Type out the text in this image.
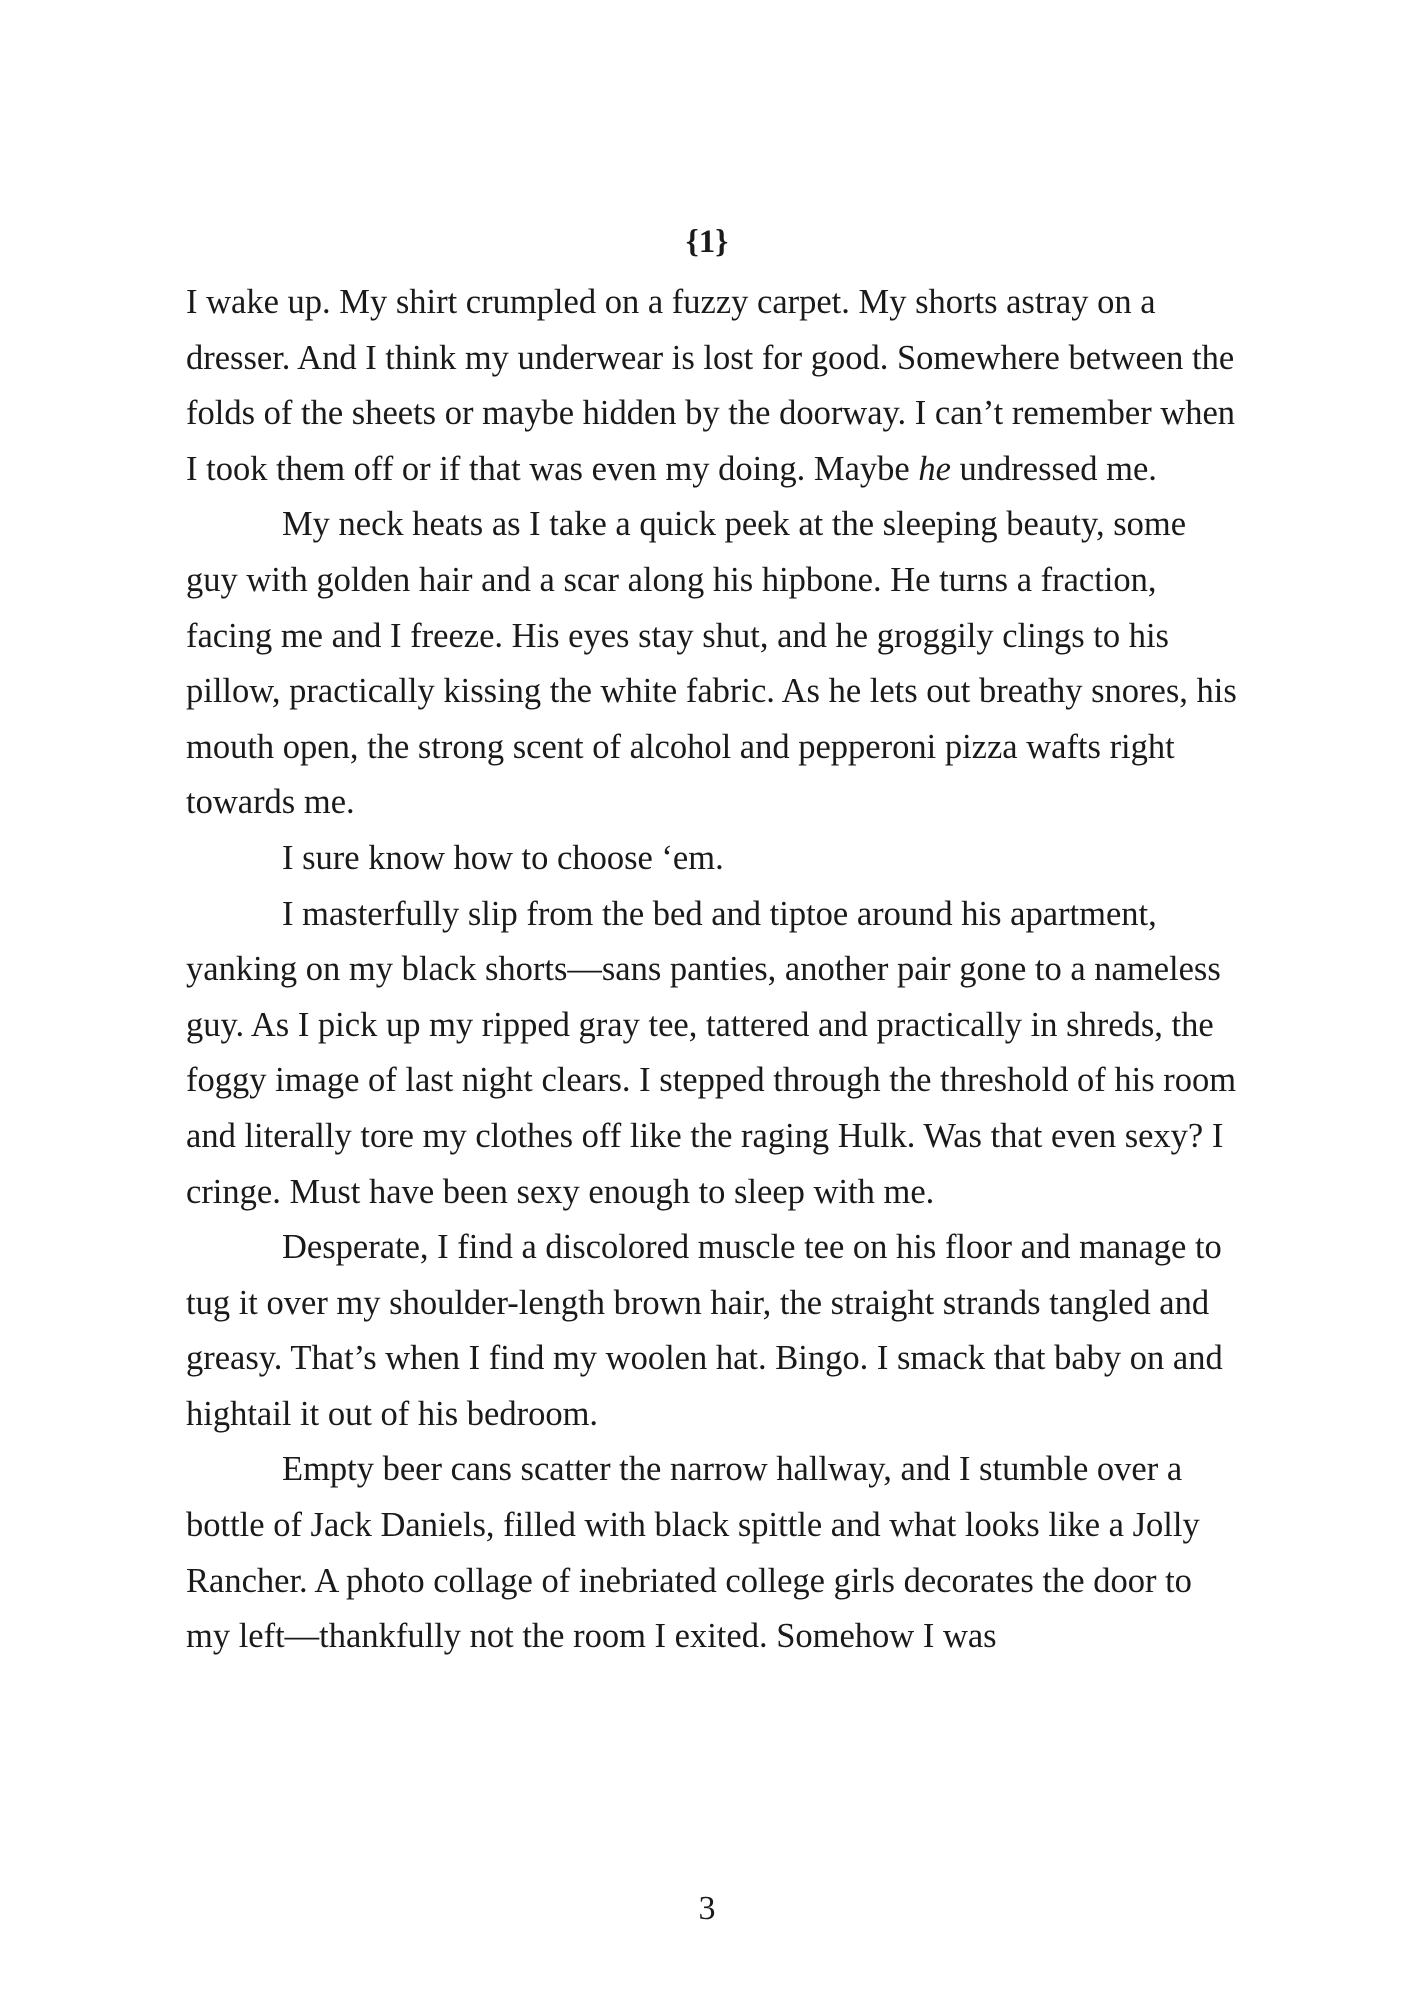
{1}

I wake up. My shirt crumpled on a fuzzy carpet. My shorts astray on a dresser. And I think my underwear is lost for good. Somewhere between the folds of the sheets or maybe hidden by the doorway. I can’t remember when I took them off or if that was even my doing. Maybe he undressed me.

My neck heats as I take a quick peek at the sleeping beauty, some guy with golden hair and a scar along his hipbone. He turns a fraction, facing me and I freeze. His eyes stay shut, and he groggily clings to his pillow, practically kissing the white fabric. As he lets out breathy snores, his mouth open, the strong scent of alcohol and pepperoni pizza wafts right towards me.

I sure know how to choose ‘em.

I masterfully slip from the bed and tiptoe around his apartment, yanking on my black shorts—sans panties, another pair gone to a nameless guy. As I pick up my ripped gray tee, tattered and practically in shreds, the foggy image of last night clears. I stepped through the threshold of his room and literally tore my clothes off like the raging Hulk. Was that even sexy? I cringe. Must have been sexy enough to sleep with me.

Desperate, I find a discolored muscle tee on his floor and manage to tug it over my shoulder-length brown hair, the straight strands tangled and greasy. That’s when I find my woolen hat. Bingo. I smack that baby on and hightail it out of his bedroom.

Empty beer cans scatter the narrow hallway, and I stumble over a bottle of Jack Daniels, filled with black spittle and what looks like a Jolly Rancher. A photo collage of inebriated college girls decorates the door to my left—thankfully not the room I exited. Somehow I was

3
